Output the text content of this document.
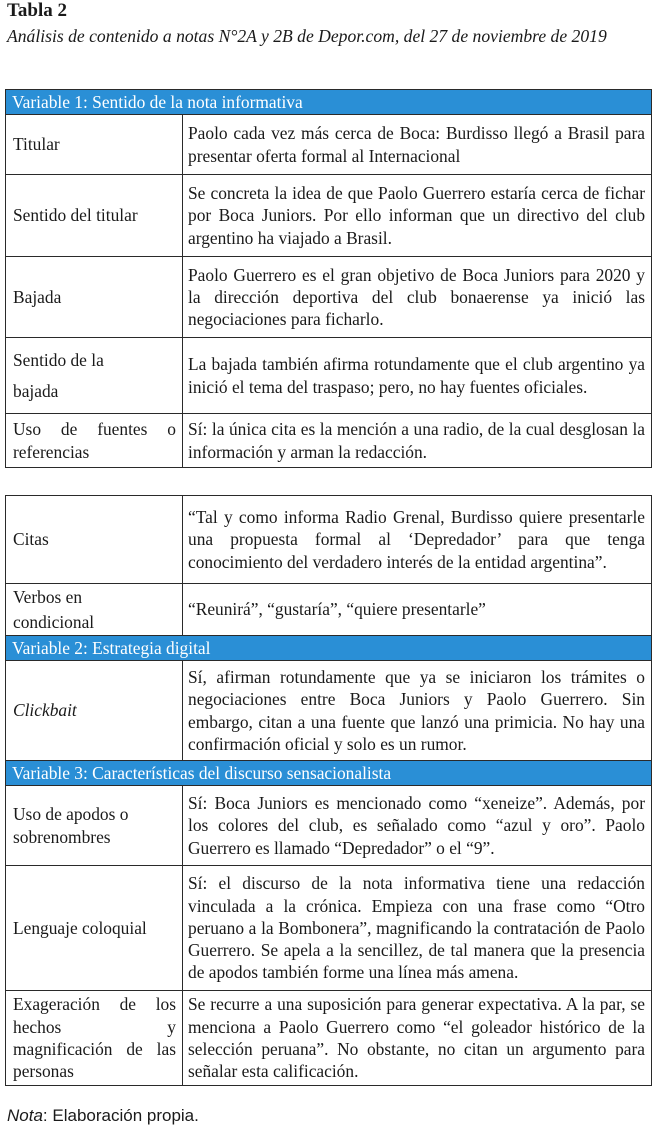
Tabla 2
Análisis de contenido a notas N°2A y 2B de Depor.com, del 27 de noviembre de 2019
Variable 1: Sentido de la nota informativa	
Titular	Paolo cada vez más cerca de Boca: Burdisso llegó a Brasil para presentar oferta formal al Internacional
Sentido del titular	Se concreta la idea de que Paolo Guerrero estaría cerca de fichar por Boca Juniors. Por ello informan que un directivo del club argentino ha viajado a Brasil.
Bajada	Paolo Guerrero es el gran objetivo de Boca Juniors para 2020 y la dirección deportiva del club bonaerense ya inició las negociaciones para ficharlo.

Sentido de la
bajada	La bajada también afirma rotundamente que el club argentino ya inició el tema del traspaso; pero, no hay fuentes oficiales.

Uso de fuentes o referencias	Sí: la única cita es la mención a una radio, de la cual desglosan la información y arman la redacción.
Citas	“Tal y como informa Radio Grenal, Burdisso quiere presentarle una propuesta formal al ‘Depredador’ para que tenga conocimiento del verdadero interés de la entidad argentina”.

Verbos en
condicional	“Reunirá”, “gustaría”, “quiere presentarle”
Variable 2: Estrategia digital	
Clickbait	Sí, afirman rotundamente que ya se iniciaron los trámites o negociaciones entre Boca Juniors y Paolo Guerrero. Sin embargo, citan a una fuente que lanzó una primicia. No hay una confirmación oficial y solo es un rumor.
Variable 3: Características del discurso sensacionalista	
Uso de apodos o sobrenombres	Sí: Boca Juniors es mencionado como “xeneize”. Además, por los colores del club, es señalado como “azul y oro”. Paolo Guerrero es llamado “Depredador” o el “9”.
Lenguaje coloquial	Sí: el discurso de la nota informativa tiene una redacción vinculada a la crónica. Empieza con una frase como “Otro peruano a la Bombonera”, magnificando la contratación de Paolo Guerrero. Se apela a la sencillez, de tal manera que la presencia de apodos también forme una línea más amena.

Exageración de los hechos y magnificación de las personas	Se recurre a una suposición para generar expectativa. A la par, se menciona a Paolo Guerrero como “el goleador histórico de la selección peruana”. No obstante, no citan un argumento para señalar esta calificación.
Nota: Elaboración propia.
